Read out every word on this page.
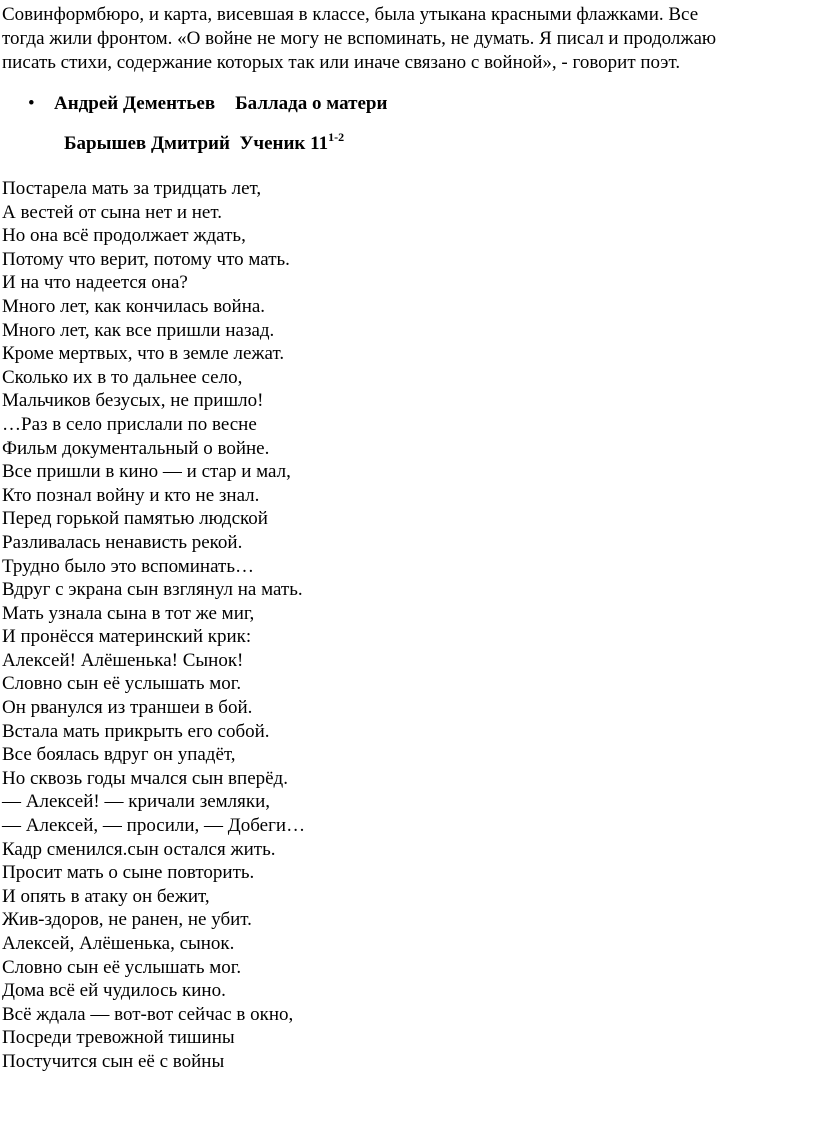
Совинформбюро, и карта, висевшая в классе, была утыкана красными флажками. Все
тогда жили фронтом. «О войне не могу не вспоминать, не думать. Я писал и продолжаю
писать стихи, содержание которых так или иначе связано с войной», - говорит поэт.
• Андрей Дементьев Баллада о матери
Барышев Дмитрий Ученик 11$^{1-2}$
Постарела мать за тридцать лет,
А вестей от сына нет и нет.
Но она всё продолжает ждать,
Потому что верит, потому что мать.
И на что надеется она?
Много лет, как кончилась война.
Много лет, как все пришли назад.
Кроме мертвых, что в земле лежат.
Сколько их в то дальнее село,
Мальчиков безусых, не пришло!
…Раз в село прислали по весне
Фильм документальный о войне.
Все пришли в кино — и стар и мал,
Кто познал войну и кто не знал.
Перед горькой памятью людской
Разливалась ненависть рекой.
Трудно было это вспоминать…
Вдруг с экрана сын взглянул на мать.
Мать узнала сына в тот же миг,
И пронёсся материнский крик:
Алексей! Алёшенька! Сынок!
Словно сын её услышать мог.
Он рванулся из траншеи в бой.
Встала мать прикрыть его собой.
Все боялась вдруг он упадёт,
Но сквозь годы мчался сын вперёд.
— Алексей! — кричали земляки,
— Алексей, — просили, — Добеги…
Кадр сменился.сын остался жить.
Просит мать о сыне повторить.
И опять в атаку он бежит,
Жив-здоров, не ранен, не убит.
Алексей, Алёшенька, сынок.
Словно сын её услышать мог.
Дома всё ей чудилось кино.
Всё ждала — вот-вот сейчас в окно,
Посреди тревожной тишины
Постучится сын её с войны
